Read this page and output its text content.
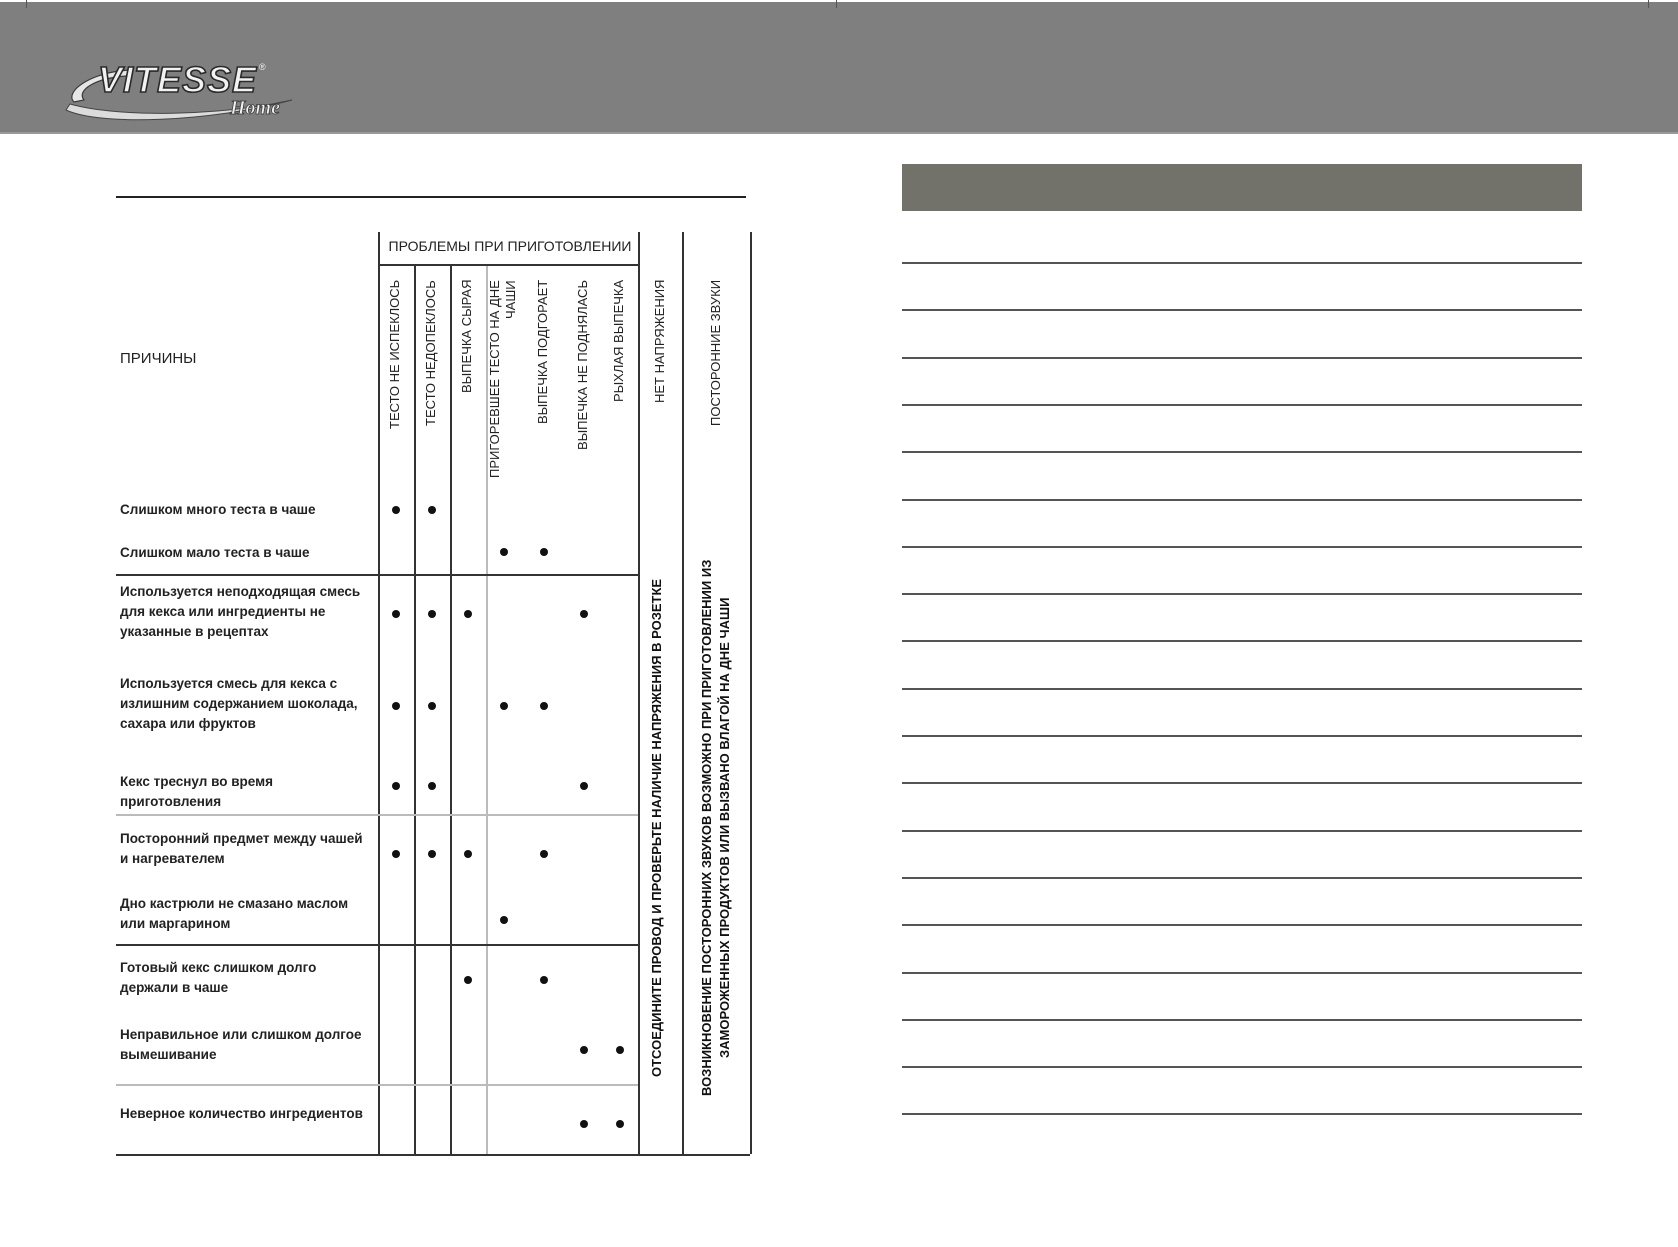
VITESSE ®
Home
ПРИЧИНЫ
ПРОБЛЕМЫ ПРИ ПРИГОТОВЛЕНИИ
ТЕСТО НЕ ИСПЕКЛОСЬ ТЕСТО НЕДОПЕКЛОСЬ ВЫПЕЧКА СЫРАЯ ПРИГОРЕВШЕЕ ТЕСТО НА ДНЕ ЧАШИ ВЫПЕЧКА ПОДГОРАЕТ ВЫПЕЧКА НЕ ПОДНЯЛАСЬ РЫХЛАЯ ВЫПЕЧКА НЕТ НАПРЯЖЕНИЯ	ПОСТОРОННИЕ ЗВУКИ
Слишком много теста в чаше
Слишком мало теста в чаше
Используется неподходящая смесь для кекса или ингредиенты не указанные в рецептах
Используется смесь для кекса с излишним содержанием шоколада, сахара или фруктов
Кекс треснул во время приготовления
Посторонний предмет между чашей и нагревателем
Дно кастрюли не смазано маслом или маргарином
Готовый кекс слишком долго держали в чаше
Неправильное или слишком долгое вымешивание
Неверное количество ингредиентов
ОТСОЕДИНИТЕ ПРОВОД И ПРОВЕРЬТЕ НАЛИЧИЕ НАПРЯЖЕНИЯ В РОЗЕТКЕ	ВОЗНИКНОВЕНИЕ ПОСТОРОННИХ ЗВУКОВ ВОЗМОЖНО ПРИ ПРИГОТОВЛЕНИИ ИЗ ЗАМОРОЖЕННЫХ ПРОДУКТОВ ИЛИ ВЫЗВАНО ВЛАГОЙ НА ДНЕ ЧАШИ
